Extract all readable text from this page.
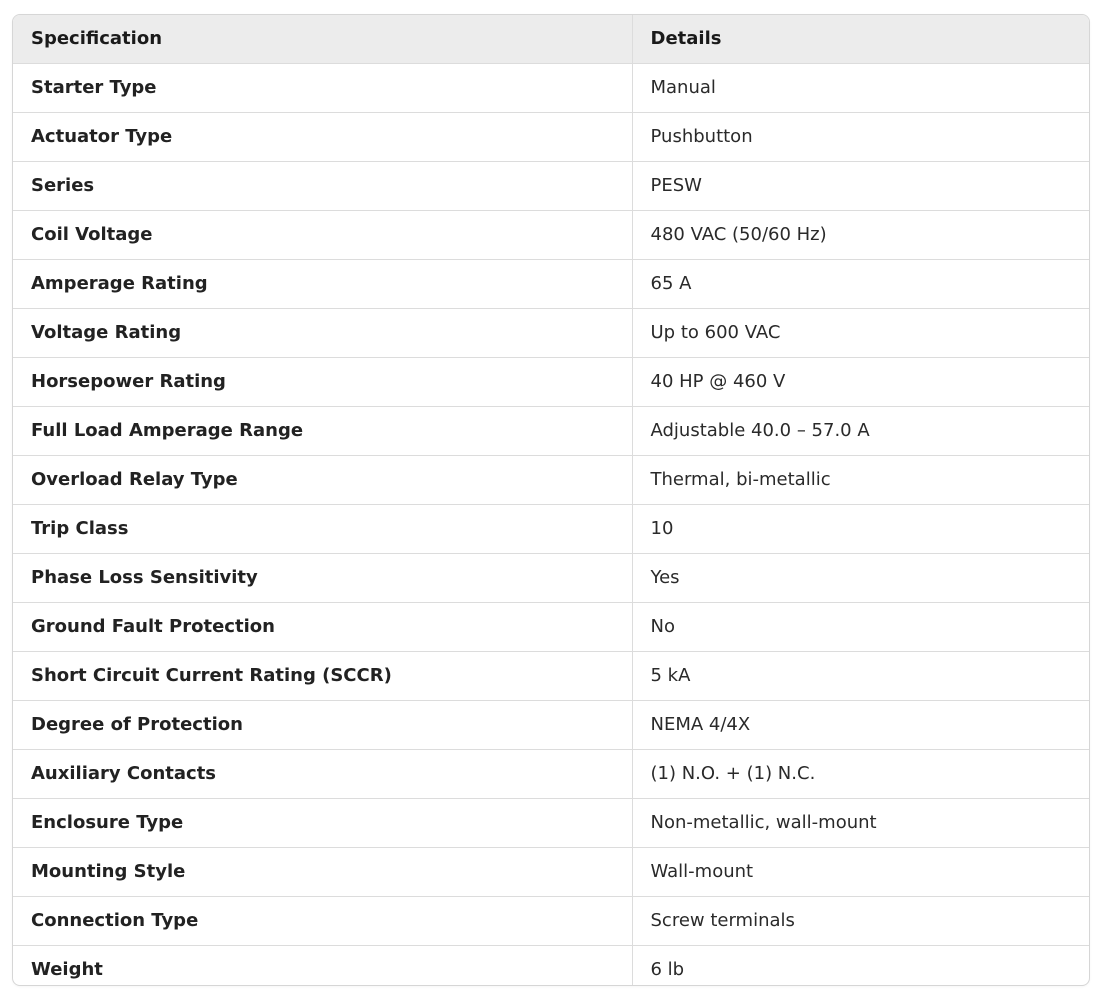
Specification	Details
Starter Type	Manual
Actuator Type	Pushbutton
Series	PESW
Coil Voltage	480 VAC (50/60 Hz)
Amperage Rating	65 A
Voltage Rating	Up to 600 VAC
Horsepower Rating	40 HP @ 460 V
Full Load Amperage Range	Adjustable 40.0 – 57.0 A
Overload Relay Type	Thermal, bi-metallic
Trip Class	10
Phase Loss Sensitivity	Yes
Ground Fault Protection	No
Short Circuit Current Rating (SCCR)	5 kA
Degree of Protection	NEMA 4/4X
Auxiliary Contacts	(1) N.O. + (1) N.C.
Enclosure Type	Non-metallic, wall-mount
Mounting Style	Wall-mount
Connection Type	Screw terminals
Weight	6 lb
